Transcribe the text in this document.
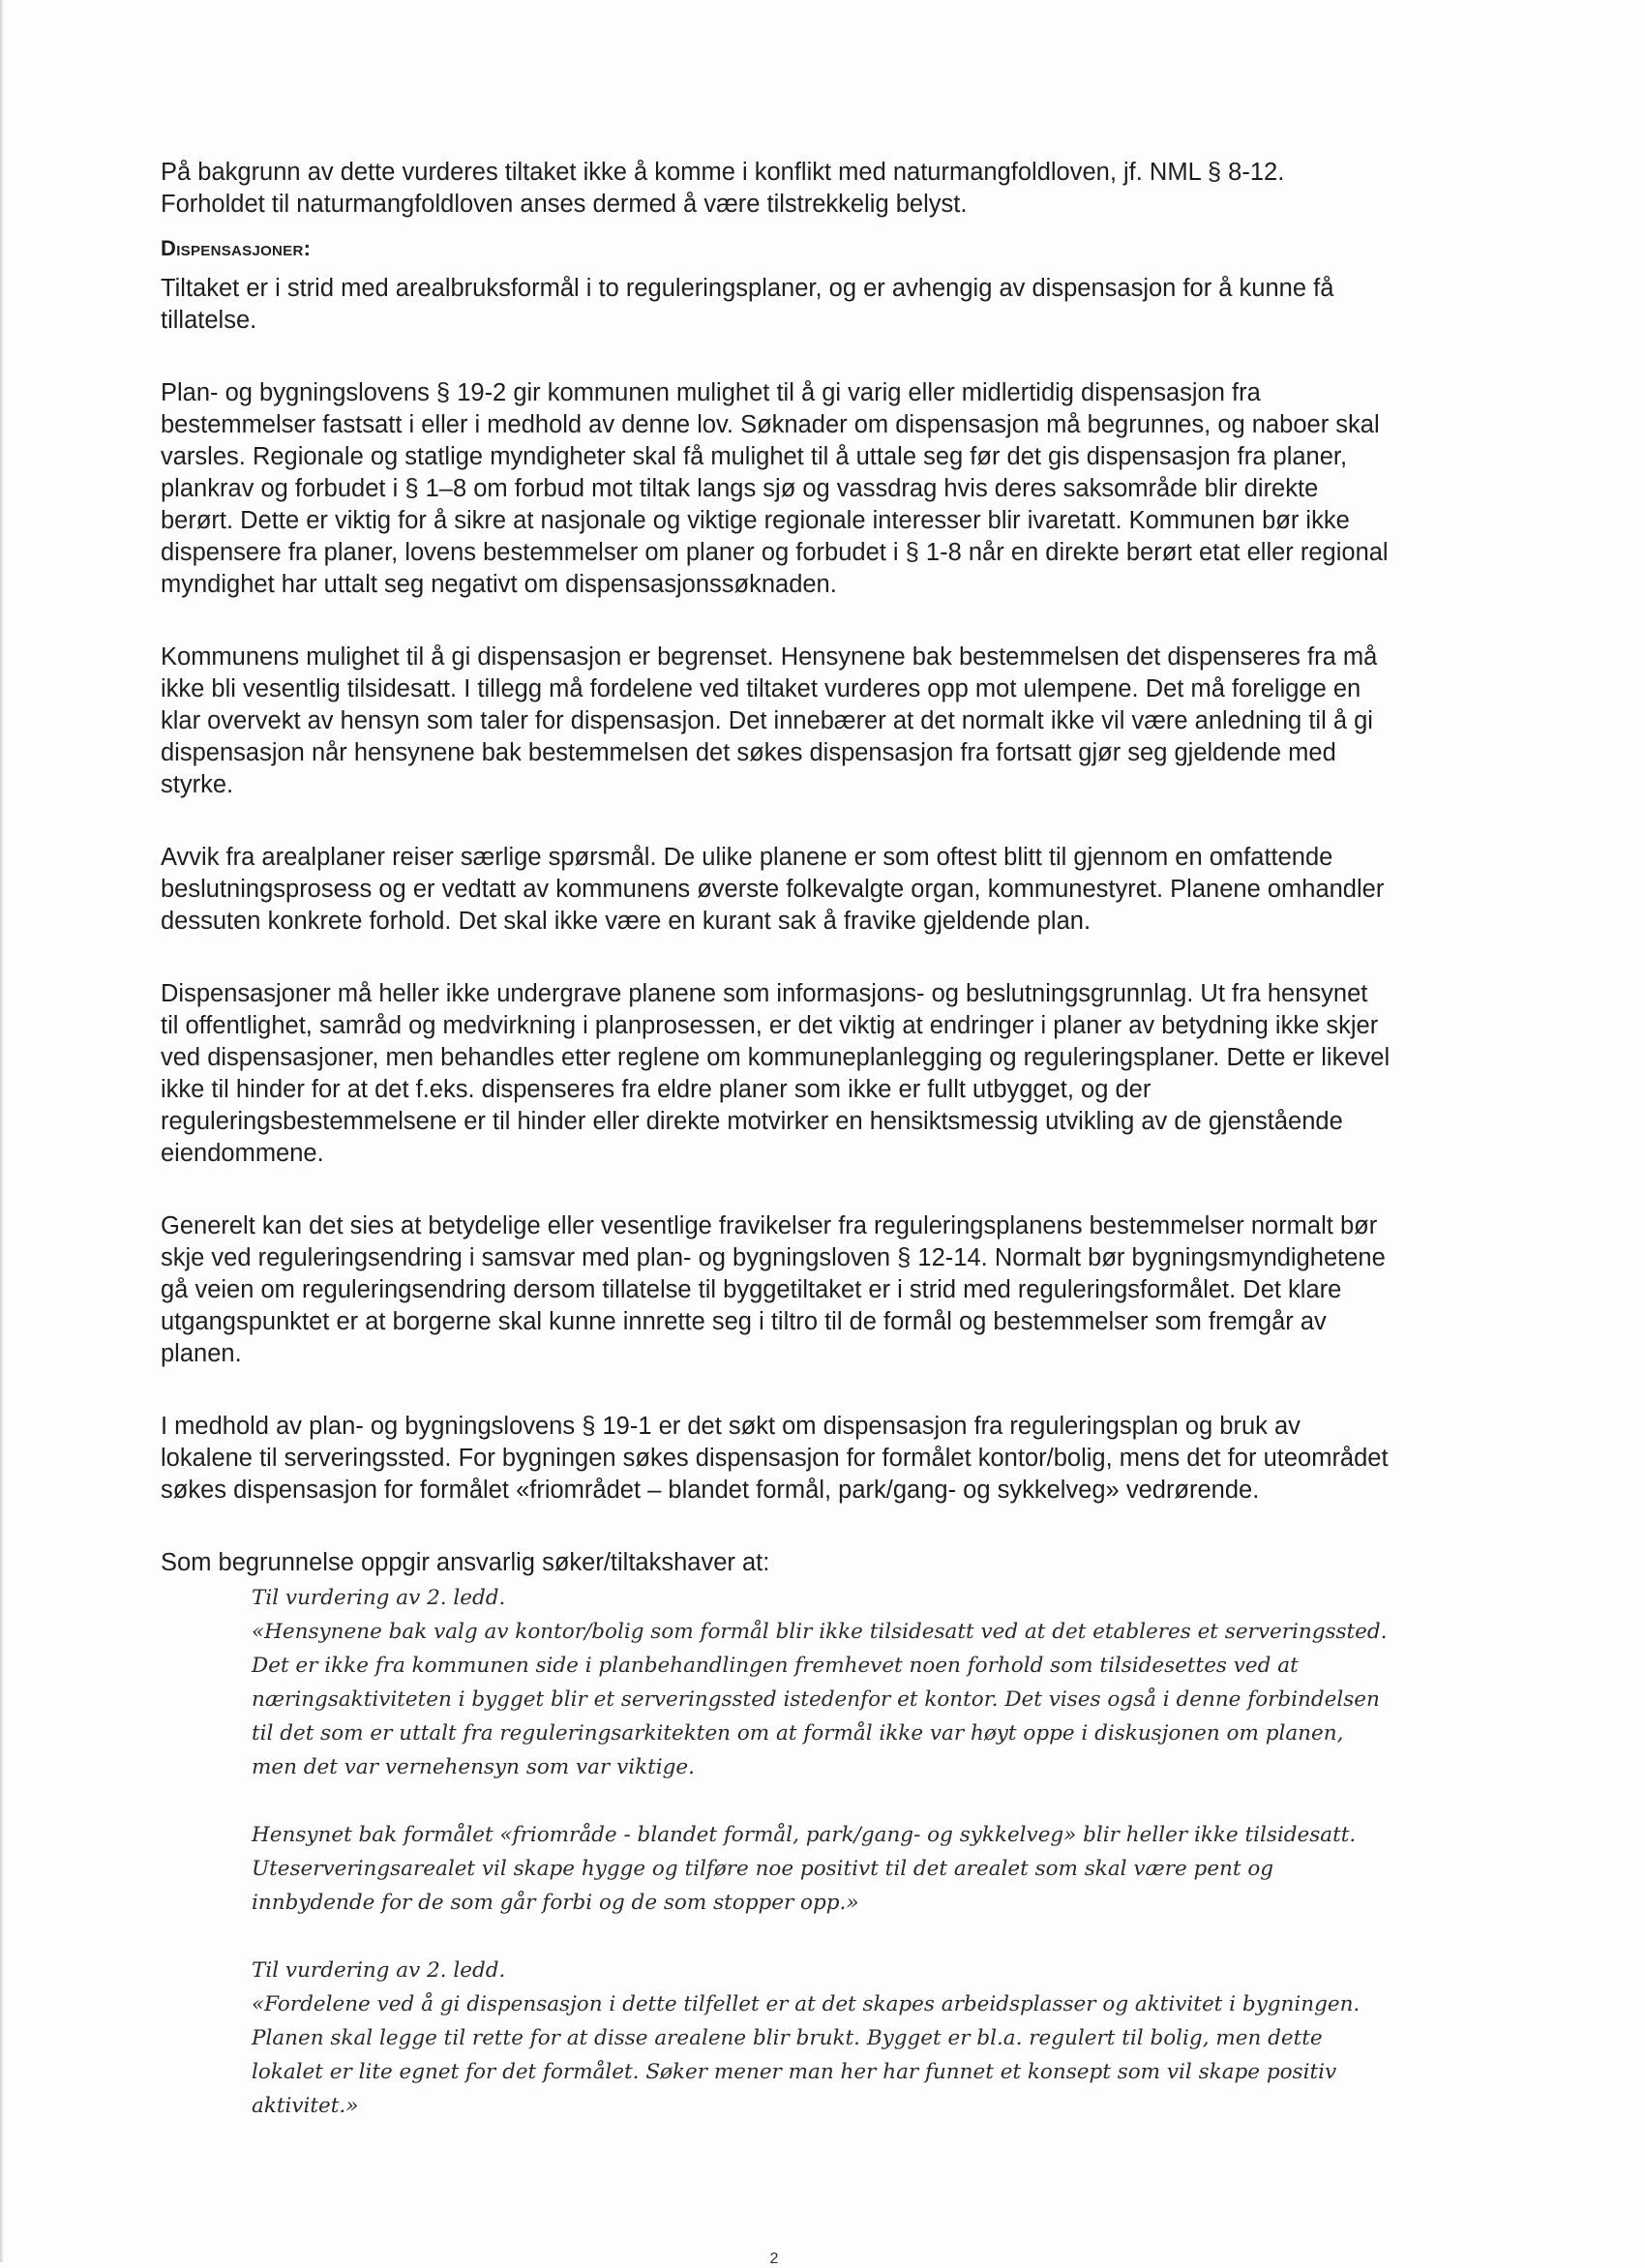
På bakgrunn av dette vurderes tiltaket ikke å komme i konflikt med naturmangfoldloven, jf. NML § 8-12. Forholdet til naturmangfoldloven anses dermed å være tilstrekkelig belyst.

Dispensasjoner:

Tiltaket er i strid med arealbruksformål i to reguleringsplaner, og er avhengig av dispensasjon for å kunne få tillatelse.

Plan- og bygningslovens § 19-2 gir kommunen mulighet til å gi varig eller midlertidig dispensasjon fra bestemmelser fastsatt i eller i medhold av denne lov. Søknader om dispensasjon må begrunnes, og naboer skal varsles. Regionale og statlige myndigheter skal få mulighet til å uttale seg før det gis dispensasjon fra planer, plankrav og forbudet i § 1–8 om forbud mot tiltak langs sjø og vassdrag hvis deres saksområde blir direkte berørt. Dette er viktig for å sikre at nasjonale og viktige regionale interesser blir ivaretatt. Kommunen bør ikke dispensere fra planer, lovens bestemmelser om planer og forbudet i § 1-8 når en direkte berørt etat eller regional myndighet har uttalt seg negativt om dispensasjonssøknaden.

Kommunens mulighet til å gi dispensasjon er begrenset. Hensynene bak bestemmelsen det dispenseres fra må ikke bli vesentlig tilsidesatt. I tillegg må fordelene ved tiltaket vurderes opp mot ulempene. Det må foreligge en klar overvekt av hensyn som taler for dispensasjon. Det innebærer at det normalt ikke vil være anledning til å gi dispensasjon når hensynene bak bestemmelsen det søkes dispensasjon fra fortsatt gjør seg gjeldende med styrke.

Avvik fra arealplaner reiser særlige spørsmål. De ulike planene er som oftest blitt til gjennom en omfattende beslutningsprosess og er vedtatt av kommunens øverste folkevalgte organ, kommunestyret. Planene omhandler dessuten konkrete forhold. Det skal ikke være en kurant sak å fravike gjeldende plan.

Dispensasjoner må heller ikke undergrave planene som informasjons- og beslutningsgrunnlag. Ut fra hensynet til offentlighet, samråd og medvirkning i planprosessen, er det viktig at endringer i planer av betydning ikke skjer ved dispensasjoner, men behandles etter reglene om kommuneplanlegging og reguleringsplaner. Dette er likevel ikke til hinder for at det f.eks. dispenseres fra eldre planer som ikke er fullt utbygget, og der reguleringsbestemmelsene er til hinder eller direkte motvirker en hensiktsmessig utvikling av de gjenstående eiendommene.

Generelt kan det sies at betydelige eller vesentlige fravikelser fra reguleringsplanens bestemmelser normalt bør skje ved reguleringsendring i samsvar med plan- og bygningsloven § 12-14. Normalt bør bygningsmyndighetene gå veien om reguleringsendring dersom tillatelse til byggetiltaket er i strid med reguleringsformålet. Det klare utgangspunktet er at borgerne skal kunne innrette seg i tiltro til de formål og bestemmelser som fremgår av planen.

I medhold av plan- og bygningslovens § 19-1 er det søkt om dispensasjon fra reguleringsplan og bruk av lokalene til serveringssted. For bygningen søkes dispensasjon for formålet kontor/bolig, mens det for uteområdet søkes dispensasjon for formålet «friområdet – blandet formål, park/gang- og sykkelveg» vedrørende.

Som begrunnelse oppgir ansvarlig søker/tiltakshaver at:

Til vurdering av 2. ledd.

«Hensynene bak valg av kontor/bolig som formål blir ikke tilsidesatt ved at det etableres et serveringssted. Det er ikke fra kommunen side i planbehandlingen fremhevet noen forhold som tilsidesettes ved at næringsaktiviteten i bygget blir et serveringssted istedenfor et kontor. Det vises også i denne forbindelsen til det som er uttalt fra reguleringsarkitekten om at formål ikke var høyt oppe i diskusjonen om planen, men det var vernehensyn som var viktige.

Hensynet bak formålet «friområde - blandet formål, park/gang- og sykkelveg» blir heller ikke tilsidesatt. Uteserveringsarealet vil skape hygge og tilføre noe positivt til det arealet som skal være pent og innbydende for de som går forbi og de som stopper opp.»

Til vurdering av 2. ledd.

«Fordelene ved å gi dispensasjon i dette tilfellet er at det skapes arbeidsplasser og aktivitet i bygningen. Planen skal legge til rette for at disse arealene blir brukt. Bygget er bl.a. regulert til bolig, men dette lokalet er lite egnet for det formålet. Søker mener man her har funnet et konsept som vil skape positiv aktivitet.»

2
